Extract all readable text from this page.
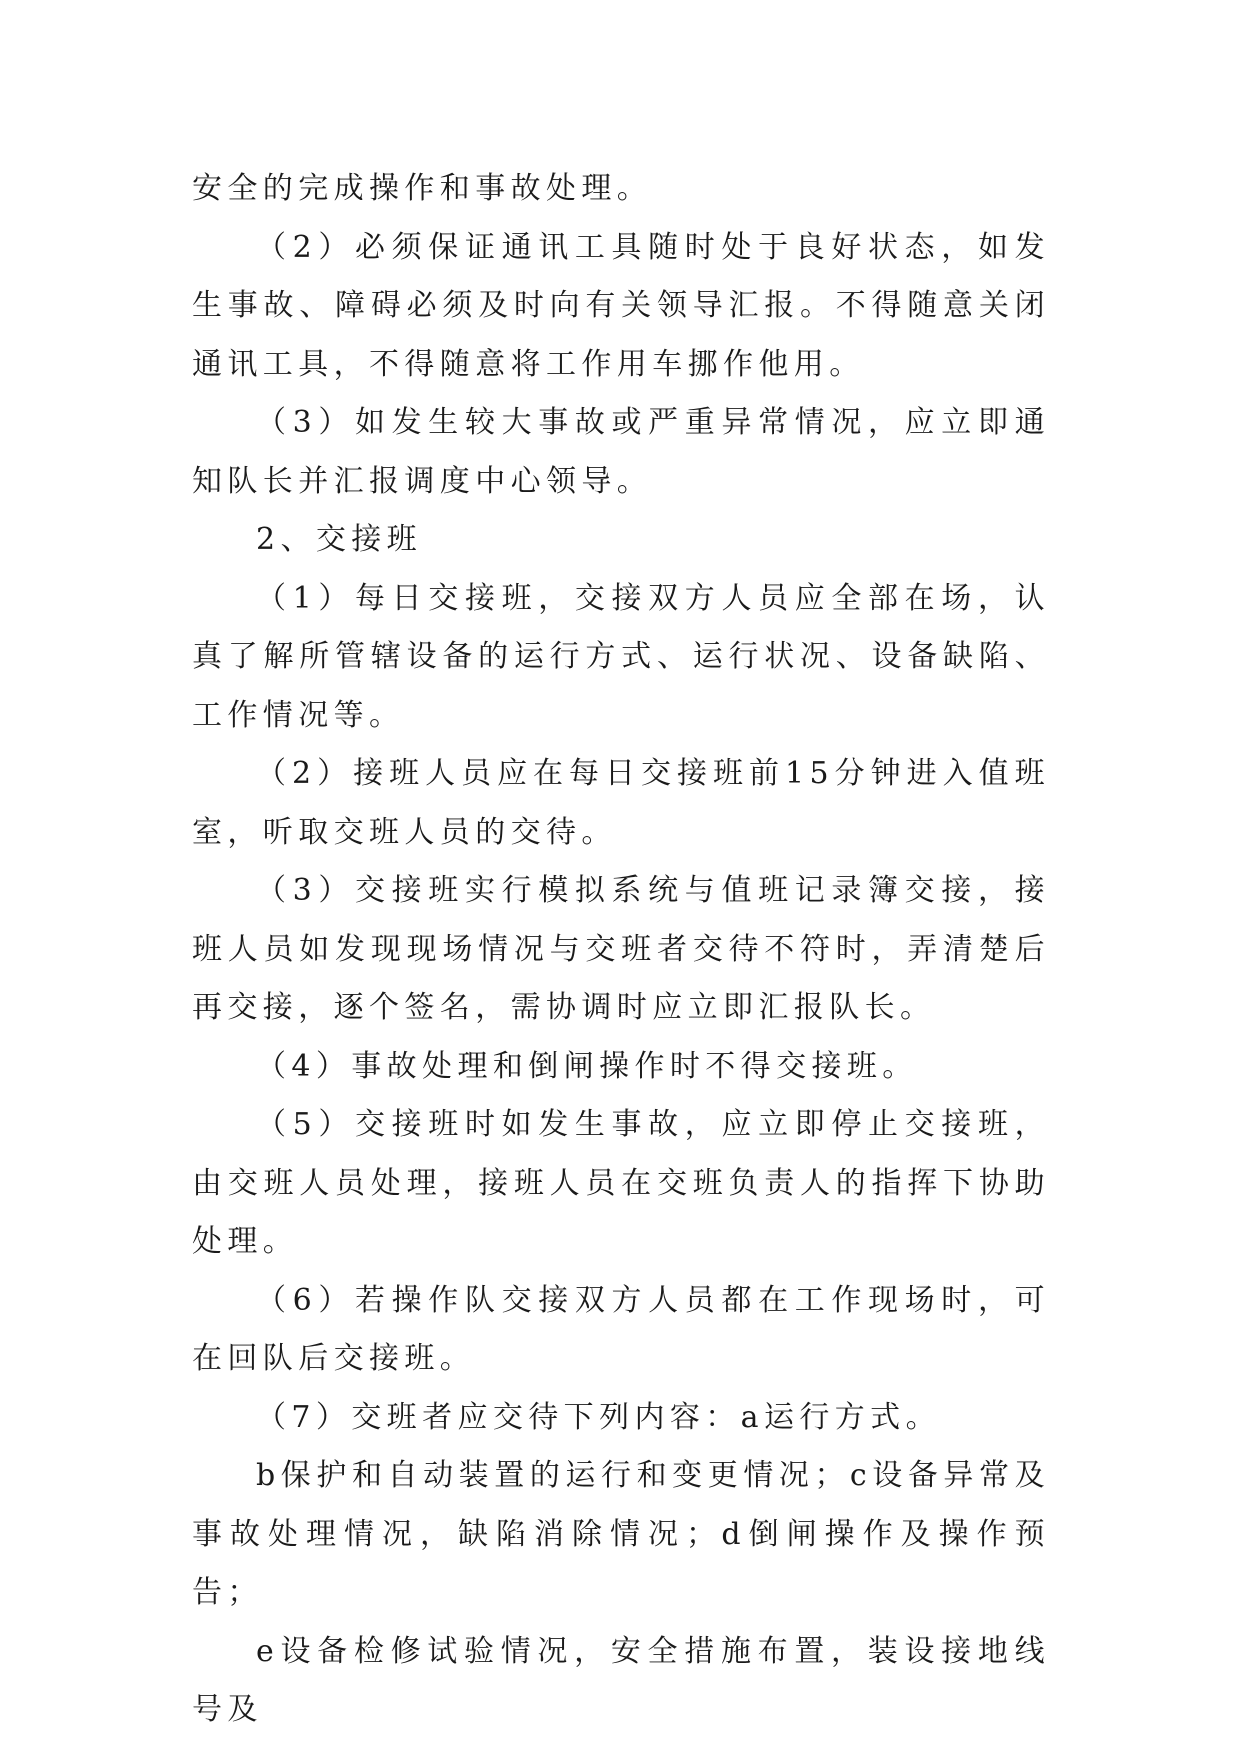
安全的完成操作和事故处理。

（2）必须保证通讯工具随时处于良好状态，如发生事故、障碍必须及时向有关领导汇报。不得随意关闭通讯工具，不得随意将工作用车挪作他用。

（3）如发生较大事故或严重异常情况，应立即通知队长并汇报调度中心领导。

2、交接班

（1）每日交接班，交接双方人员应全部在场，认真了解所管辖设备的运行方式、运行状况、设备缺陷、工作情况等。

（2）接班人员应在每日交接班前15分钟进入值班室，听取交班人员的交待。

（3）交接班实行模拟系统与值班记录簿交接，接班人员如发现现场情况与交班者交待不符时，弄清楚后再交接，逐个签名，需协调时应立即汇报队长。

（4）事故处理和倒闸操作时不得交接班。

（5）交接班时如发生事故，应立即停止交接班，由交班人员处理，接班人员在交班负责人的指挥下协助处理。

（6）若操作队交接双方人员都在工作现场时，可在回队后交接班。

（7）交班者应交待下列内容：a运行方式。

b保护和自动装置的运行和变更情况；c设备异常及事故处理情况，缺陷消除情况；d倒闸操作及操作预告；

e设备检修试验情况，安全措施布置，装设接地线号及
